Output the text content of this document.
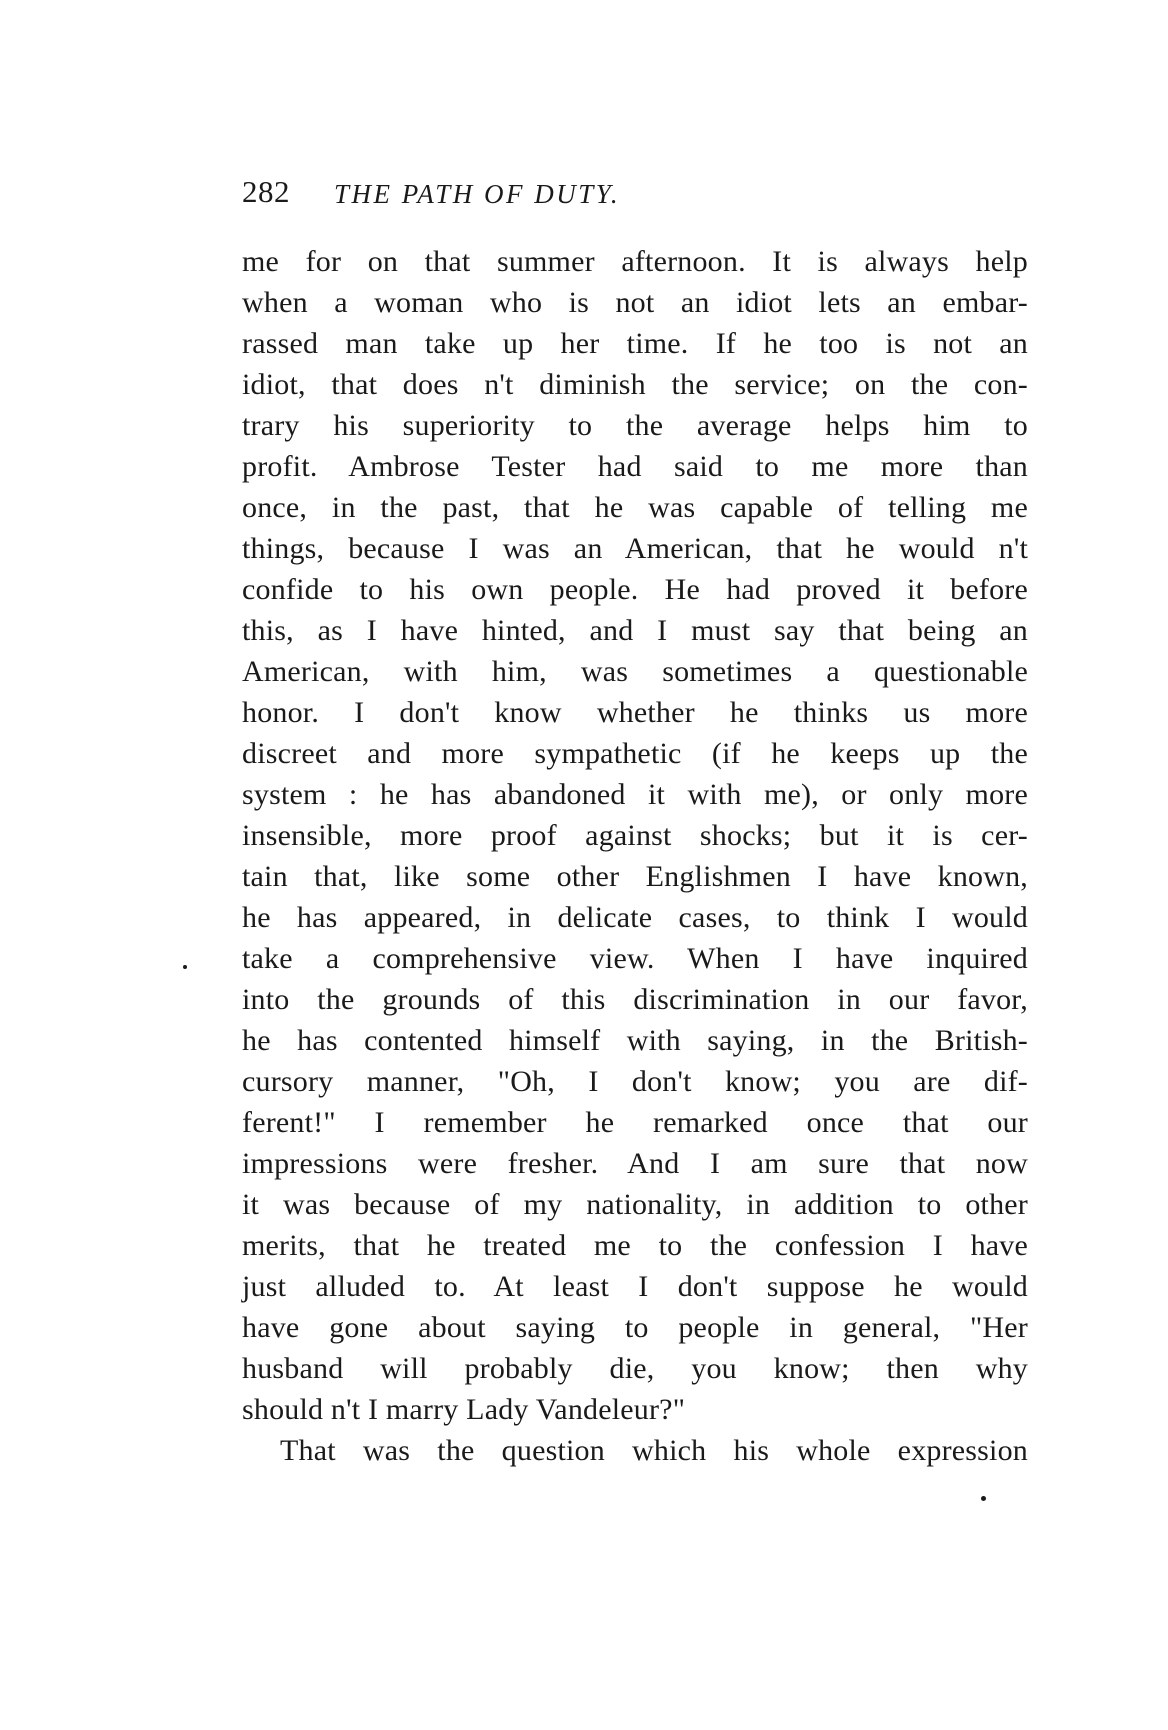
282 THE PATH OF DUTY.
me for on that summer afternoon. It is always help
when a woman who is not an idiot lets an embar-
rassed man take up her time. If he too is not an
idiot, that does n't diminish the service; on the con-
trary his superiority to the average helps him to
profit. Ambrose Tester had said to me more than
once, in the past, that he was capable of telling me
things, because I was an American, that he would n't
confide to his own people. He had proved it before
this, as I have hinted, and I must say that being an
American, with him, was sometimes a questionable
honor. I don't know whether he thinks us more
discreet and more sympathetic (if he keeps up the
system : he has abandoned it with me), or only more
insensible, more proof against shocks; but it is cer-
tain that, like some other Englishmen I have known,
he has appeared, in delicate cases, to think I would
take a comprehensive view. When I have inquired
into the grounds of this discrimination in our favor,
he has contented himself with saying, in the British-
cursory manner, "Oh, I don't know; you are dif-
ferent!" I remember he remarked once that our
impressions were fresher. And I am sure that now
it was because of my nationality, in addition to other
merits, that he treated me to the confession I have
just alluded to. At least I don't suppose he would
have gone about saying to people in general, "Her
husband will probably die, you know; then why
should n't I marry Lady Vandeleur?"
That was the question which his whole expression
